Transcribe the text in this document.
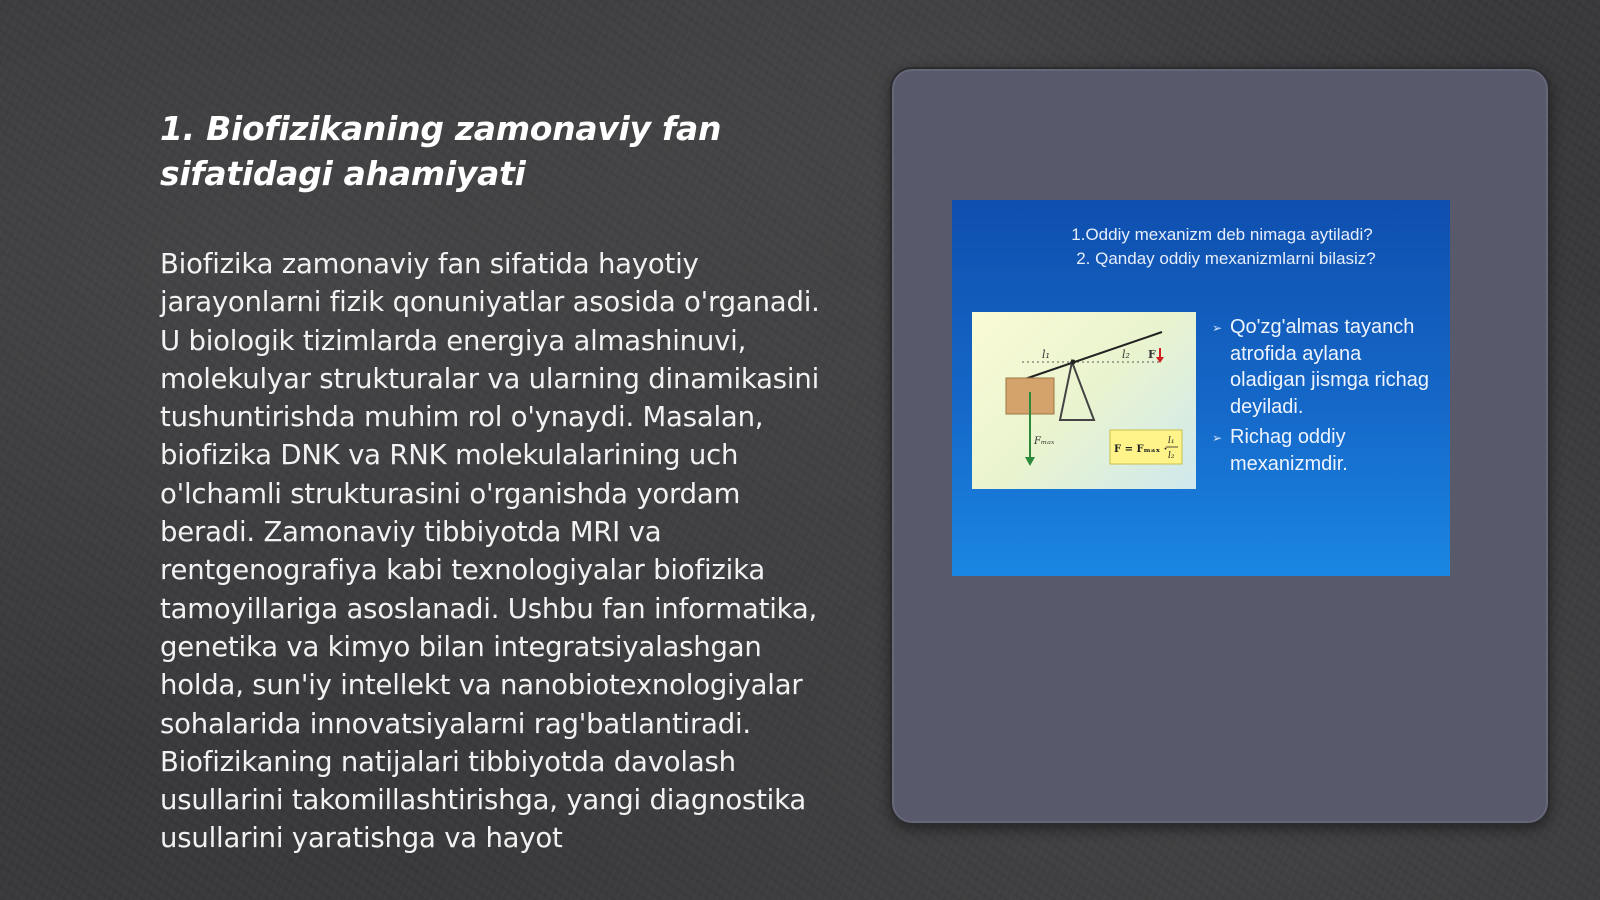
1. Biofizikaning zamonaviy fan sifatidagi ahamiyati

Biofizika zamonaviy fan sifatida hayotiy jarayonlarni fizik qonuniyatlar asosida o'rganadi. U biologik tizimlarda energiya almashinuvi, molekulyar strukturalar va ularning dinamikasini tushuntirishda muhim rol o'ynaydi. Masalan, biofizika DNK va RNK molekulalarining uch o'lchamli strukturasini o'rganishda yordam beradi. Zamonaviy tibbiyotda MRI va rentgenografiya kabi texnologiyalar biofizika tamoyillariga asoslanadi. Ushbu fan informatika, genetika va kimyo bilan integratsiyalashgan holda, sun'iy intellekt va nanobiotexnologiyalar sohalarida innovatsiyalarni rag'batlantiradi. Biofizikaning natijalari tibbiyotda davolash usullarini takomillashtirishga, yangi diagnostika usullarini yaratishga va hayot

1.Oddiy mexanizm deb nimaga aytiladi?

2. Qanday oddiy mexanizmlarni bilasiz?

l₁	l₂ F
Fₘₐₓ
F = Fₘₐₓ ·
l₁
l₂
➢ Qo'zg'almas tayanch atrofida aylana oladigan jismga richag deyiladi.
➢ Richag oddiy mexanizmdir.
